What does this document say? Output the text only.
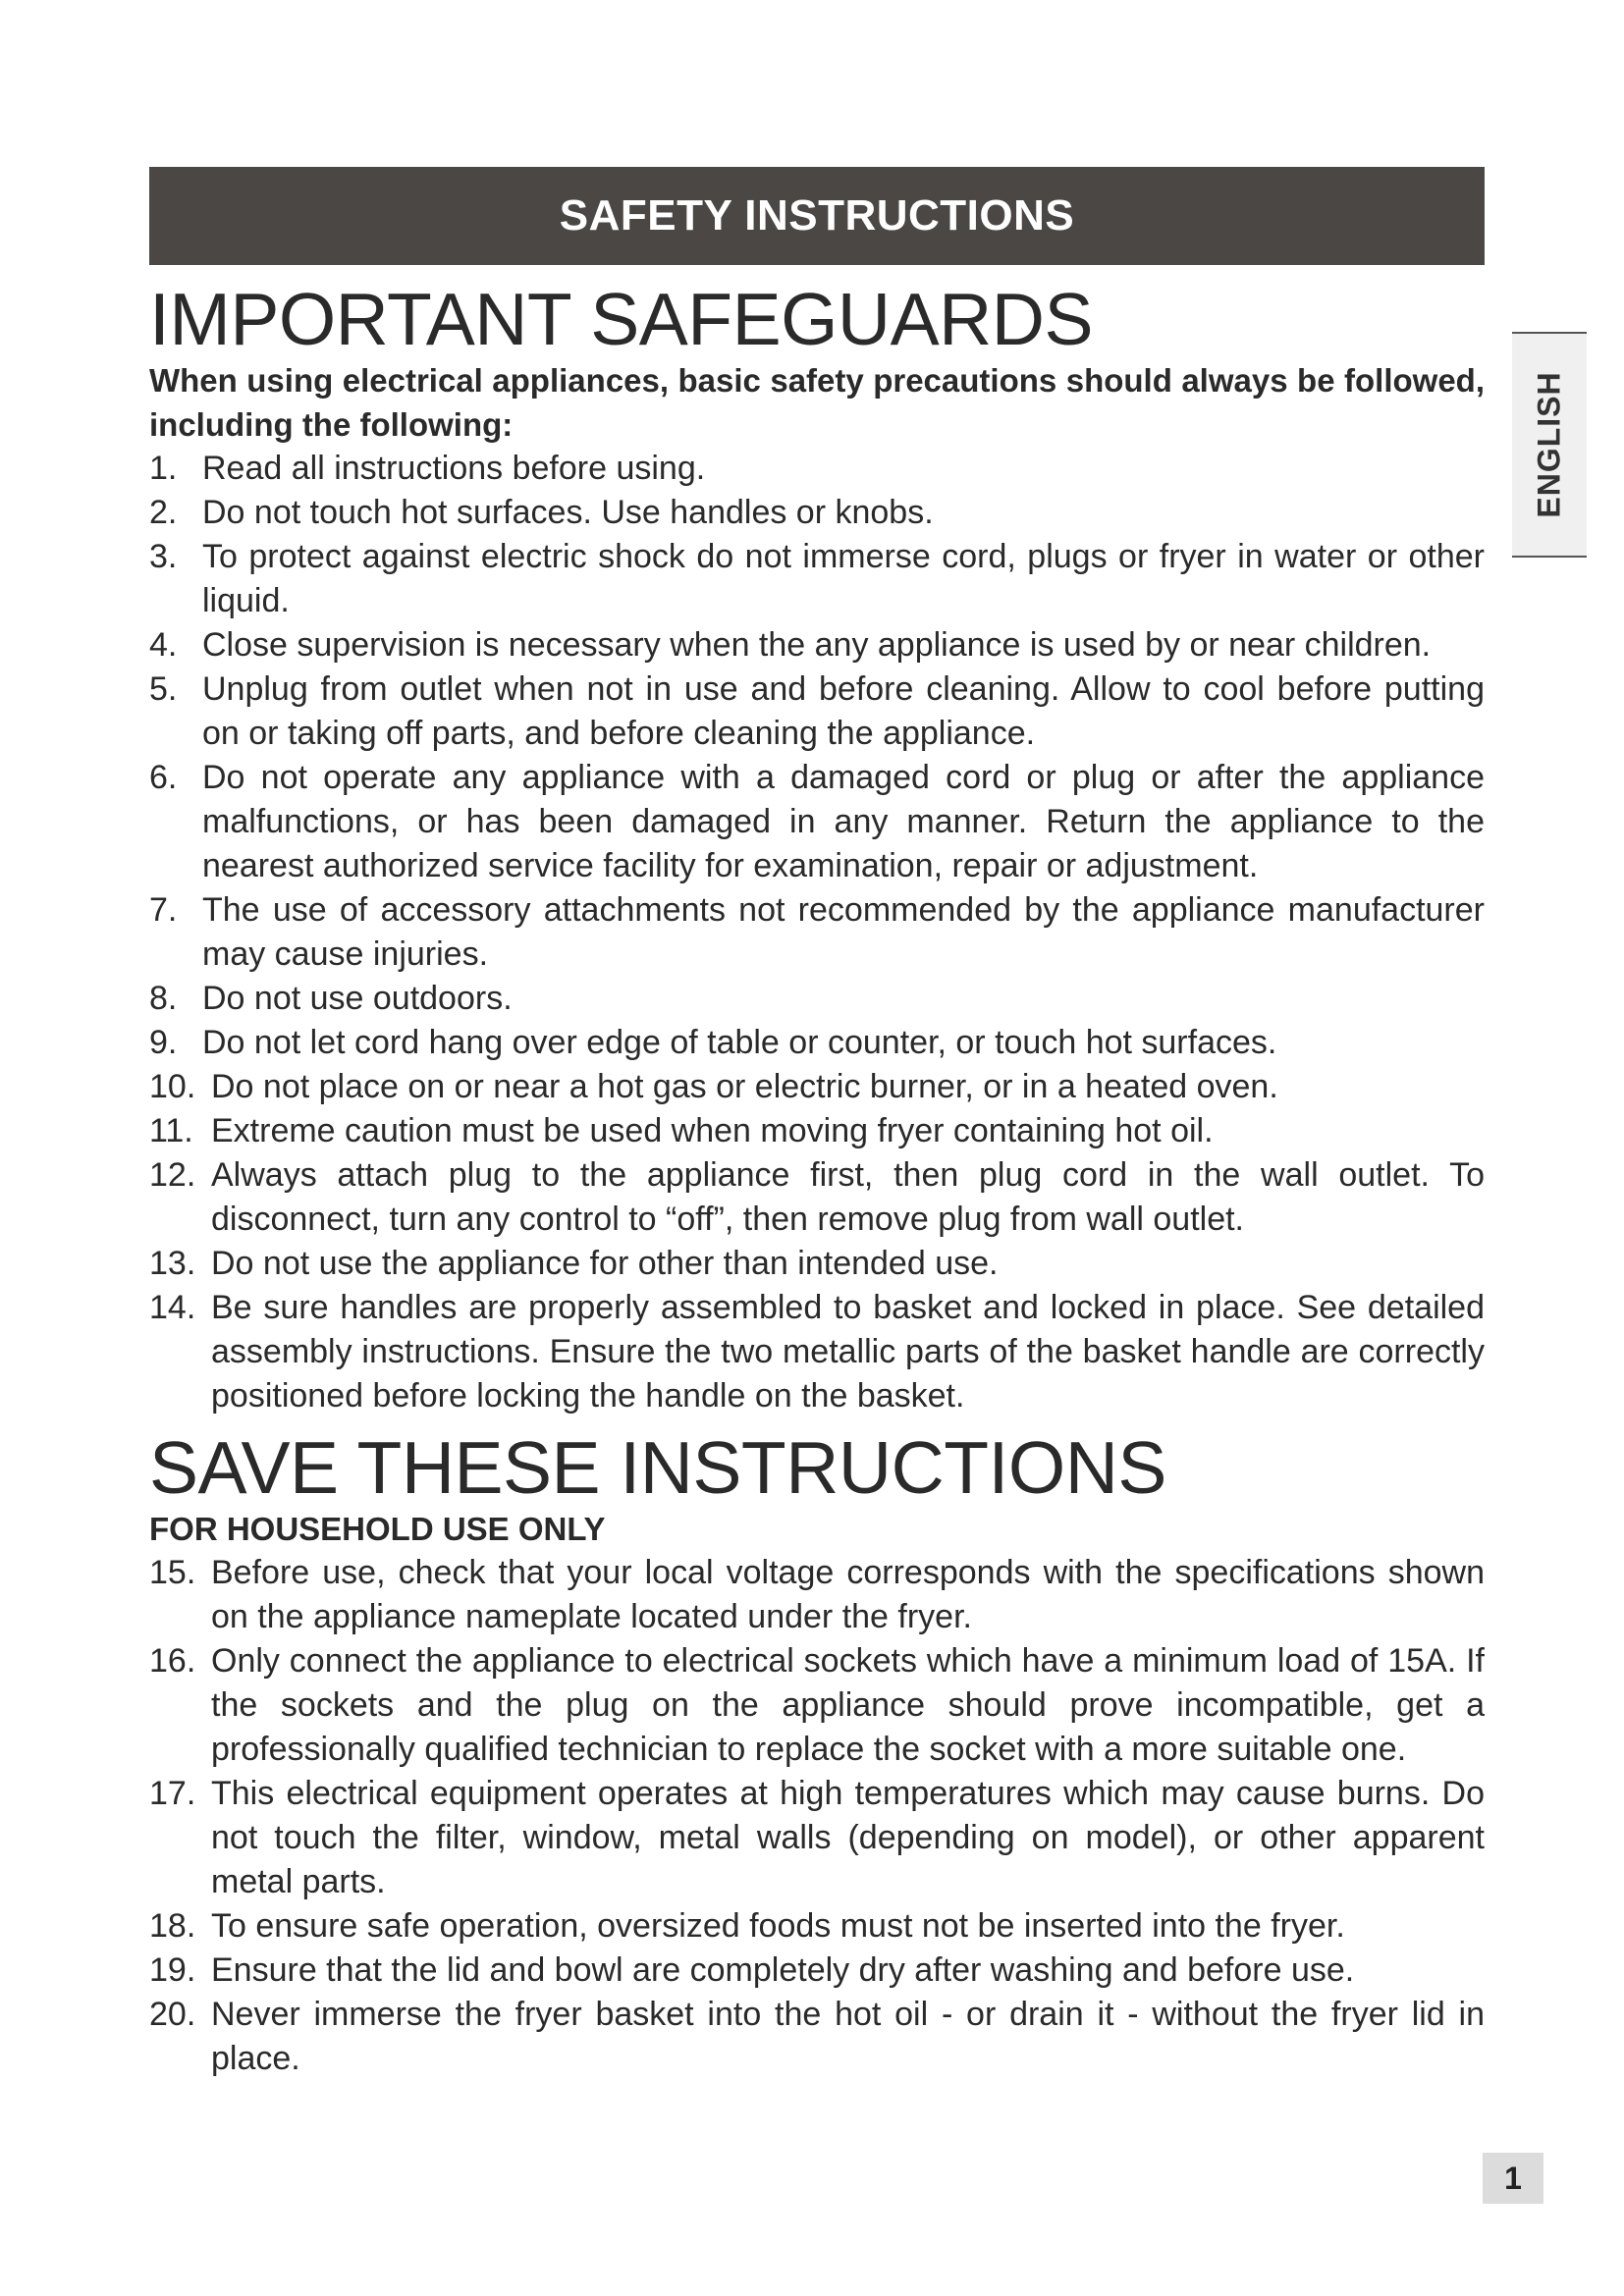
SAFETY INSTRUCTIONS
IMPORTANT SAFEGUARDS

When using electrical appliances, basic safety precautions should always be followed, including the following:

1. Read all instructions before using.
2. Do not touch hot surfaces. Use handles or knobs.
3. To protect against electric shock do not immerse cord, plugs or fryer in water or other liquid.
4. Close supervision is necessary when the any appliance is used by or near children.
5. Unplug from outlet when not in use and before cleaning. Allow to cool before putting on or taking off parts, and before cleaning the appliance.
6. Do not operate any appliance with a damaged cord or plug or after the appliance malfunctions, or has been damaged in any manner. Return the appliance to the nearest authorized service facility for examination, repair or adjustment.
7. The use of accessory attachments not recommended by the appliance manufacturer may cause injuries.
8. Do not use outdoors.
9. Do not let cord hang over edge of table or counter, or touch hot surfaces.
10. Do not place on or near a hot gas or electric burner, or in a heated oven.
11. Extreme caution must be used when moving fryer containing hot oil.
12. Always attach plug to the appliance first, then plug cord in the wall outlet. To disconnect, turn any control to “off”, then remove plug from wall outlet.
13. Do not use the appliance for other than intended use.
14. Be sure handles are properly assembled to basket and locked in place. See detailed assembly instructions. Ensure the two metallic parts of the basket handle are correctly positioned before locking the handle on the basket.
SAVE THESE INSTRUCTIONS

FOR HOUSEHOLD USE ONLY

15. Before use, check that your local voltage corresponds with the specifications shown on the appliance nameplate located under the fryer.
16. Only connect the appliance to electrical sockets which have a minimum load of 15A. If the sockets and the plug on the appliance should prove incompatible, get a professionally qualified technician to replace the socket with a more suitable one.
17. This electrical equipment operates at high temperatures which may cause burns. Do not touch the filter, window, metal walls (depending on model), or other apparent metal parts.
18. To ensure safe operation, oversized foods must not be inserted into the fryer.
19. Ensure that the lid and bowl are completely dry after washing and before use.
20. Never immerse the fryer basket into the hot oil - or drain it - without the fryer lid in place.
ENGLISH
1
